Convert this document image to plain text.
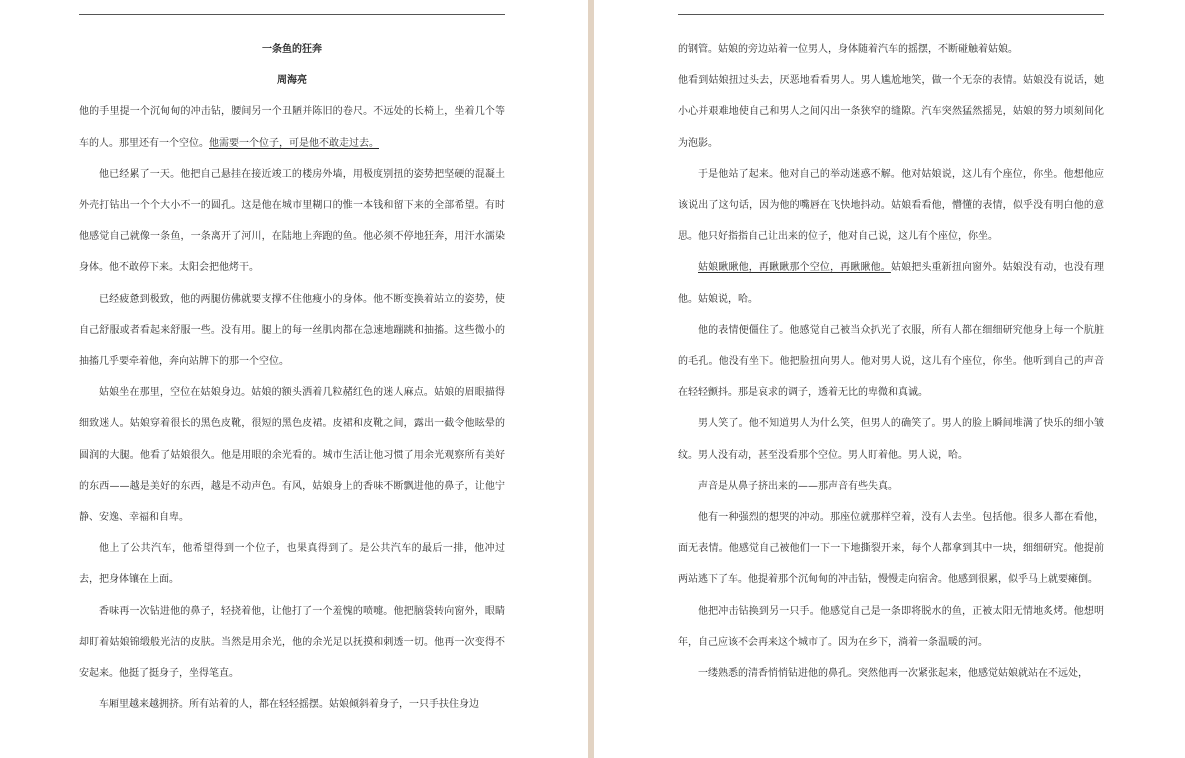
一条鱼的狂奔

周海亮

他的手里提一个沉甸甸的冲击钻，腰间另一个丑陋并陈旧的卷尺。不远处的长椅上，坐着几个等车的人。那里还有一个空位。他需要一个位子，可是他不敢走过去。

他已经累了一天。他把自己悬挂在接近竣工的楼房外墙，用极度别扭的姿势把坚硬的混凝土外壳打钻出一个个大小不一的圆孔。这是他在城市里糊口的惟一本钱和留下来的全部希望。有时他感觉自己就像一条鱼，一条离开了河川，在陆地上奔跑的鱼。他必须不停地狂奔，用汗水濡染身体。他不敢停下来。太阳会把他烤干。

已经疲惫到极致，他的两腿仿佛就要支撑不住他瘦小的身体。他不断变换着站立的姿势，使自己舒服或者看起来舒服一些。没有用。腿上的每一丝肌肉都在急速地蹦跳和抽搐。这些微小的抽搐几乎要牵着他，奔向站牌下的那一个空位。

姑娘坐在那里，空位在姑娘身边。姑娘的额头洒着几粒赭红色的迷人麻点。姑娘的眉眼描得细致迷人。姑娘穿着很长的黑色皮靴，很短的黑色皮裙。皮裙和皮靴之间，露出一截令他眩晕的圆润的大腿。他看了姑娘很久。他是用眼的余光看的。城市生活让他习惯了用余光观察所有美好的东西——越是美好的东西，越是不动声色。有风，姑娘身上的香味不断飘进他的鼻子，让他宁静、安逸、幸福和自卑。

他上了公共汽车，他希望得到一个位子，也果真得到了。是公共汽车的最后一排，他冲过去，把身体镶在上面。

香味再一次钻进他的鼻子，轻挠着他，让他打了一个羞愧的喷嚏。他把脑袋转向窗外，眼睛却盯着姑娘锦缎般光洁的皮肤。当然是用余光，他的余光足以抚摸和刺透一切。他再一次变得不安起来。他挺了挺身子，坐得笔直。

车厢里越来越拥挤。所有站着的人，都在轻轻摇摆。姑娘倾斜着身子，一只手扶住身边

的钢管。姑娘的旁边站着一位男人，身体随着汽车的摇摆，不断碰触着姑娘。

他看到姑娘扭过头去，厌恶地看看男人。男人尴尬地笑，做一个无奈的表情。姑娘没有说话，她小心并艰难地使自己和男人之间闪出一条狭窄的缝隙。汽车突然猛然摇晃，姑娘的努力顷刻间化为泡影。

于是他站了起来。他对自己的举动迷惑不解。他对姑娘说，这儿有个座位，你坐。他想他应该说出了这句话，因为他的嘴唇在飞快地抖动。姑娘看看他，懵懂的表情，似乎没有明白他的意思。他只好指指自己让出来的位子，他对自己说，这儿有个座位，你坐。

姑娘瞅瞅他，再瞅瞅那个空位，再瞅瞅他。姑娘把头重新扭向窗外。姑娘没有动，也没有理他。姑娘说，哈。

他的表情便僵住了。他感觉自己被当众扒光了衣服，所有人都在细细研究他身上每一个肮脏的毛孔。他没有坐下。他把脸扭向男人。他对男人说，这儿有个座位，你坐。他听到自己的声音在轻轻颤抖。那是哀求的调子，透着无比的卑微和真诚。

男人笑了。他不知道男人为什么笑，但男人的确笑了。男人的脸上瞬间堆满了快乐的细小皱纹。男人没有动，甚至没看那个空位。男人盯着他。男人说，哈。

声音是从鼻子挤出来的——那声音有些失真。

他有一种强烈的想哭的冲动。那座位就那样空着，没有人去坐。包括他。很多人都在看他，面无表情。他感觉自己被他们一下一下地撕裂开来，每个人都拿到其中一块，细细研究。他提前两站逃下了车。他提着那个沉甸甸的冲击钻，慢慢走向宿舍。他感到很累，似乎马上就要瘫倒。

他把冲击钻换到另一只手。他感觉自己是一条即将脱水的鱼，正被太阳无情地炙烤。他想明年，自己应该不会再来这个城市了。因为在乡下，淌着一条温暖的河。

一缕熟悉的清香悄悄钻进他的鼻孔。突然他再一次紧张起来，他感觉姑娘就站在不远处，
